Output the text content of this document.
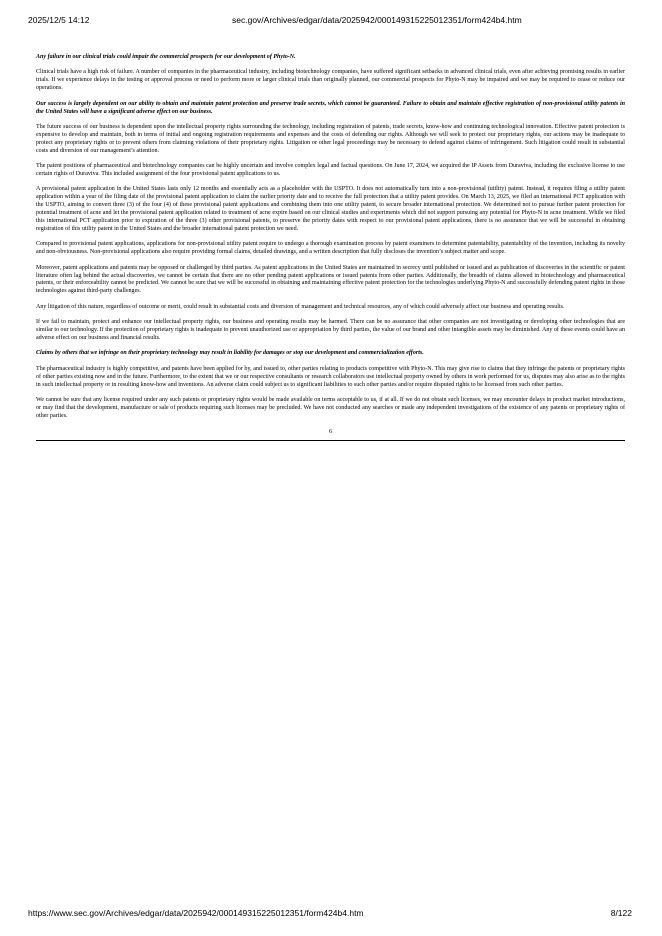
2025/12/5 14:12	sec.gov/Archives/edgar/data/2025942/000149315225012351/form424b4.htm

Any failure in our clinical trials could impair the commercial prospects for our development of Phyto-N.

Clinical trials have a high risk of failure. A number of companies in the pharmaceutical industry, including biotechnology companies, have suffered significant setbacks in advanced clinical trials, even after achieving promising results in earlier trials. If we experience delays in the testing or approval process or need to perform more or larger clinical trials than originally planned, our commercial prospects for Phyto-N may be impaired and we may be required to cease or reduce our operations.

Our success is largely dependent on our ability to obtain and maintain patent protection and preserve trade secrets, which cannot be guaranteed. Failure to obtain and maintain effective registration of non-provisional utility patents in the United States will have a significant adverse effect on our business.

The future success of our business is dependent upon the intellectual property rights surrounding the technology, including registration of patents, trade secrets, know-how and continuing technological innovation. Effective patent protection is expensive to develop and maintain, both in terms of initial and ongoing registration requirements and expenses and the costs of defending our rights. Although we will seek to protect our proprietary rights, our actions may be inadequate to protect any proprietary rights or to prevent others from claiming violations of their proprietary rights. Litigation or other legal proceedings may be necessary to defend against claims of infringement. Such litigation could result in substantial costs and diversion of our management’s attention.

The patent positions of pharmaceutical and biotechnology companies can be highly uncertain and involve complex legal and factual questions. On June 17, 2024, we acquired the IP Assets from Duraviva, including the exclusive license to use certain rights of Duraviva. This included assignment of the four provisional patent applications to us.

A provisional patent application in the United States lasts only 12 months and essentially acts as a placeholder with the USPTO. It does not automatically turn into a non-provisional (utility) patent. Instead, it requires filing a utility patent application within a year of the filing date of the provisional patent application to claim the earlier priority date and to receive the full protection that a utility patent provides. On March 13, 2025, we filed an international PCT application with the USPTO, aiming to convert three (3) of the four (4) of these provisional patent applications and combining them into one utility patent, to secure broader international protection. We determined not to pursue further patent protection for potential treatment of acne and let the provisional patent application related to treatment of acne expire based on our clinical studies and experiments which did not support pursuing any potential for Phyto-N in acne treatment. While we filed this international PCT application prior to expiration of the three (3) other provisional patents, to preserve the priority dates with respect to our provisional patent applications, there is no assurance that we will be successful in obtaining registration of this utility patent in the United States and the broader international patent protection we need.

Compared to provisional patent applications, applications for non-provisional utility patent require to undergo a thorough examination process by patent examiners to determine patentability, patentability of the invention, including its novelty and non-obviousness. Non-provisional applications also require providing formal claims, detailed drawings, and a written description that fully discloses the invention’s subject matter and scope.

Moreover, patent applications and patents may be opposed or challenged by third parties. As patent applications in the United States are maintained in secrecy until published or issued and as publication of discoveries in the scientific or patent literature often lag behind the actual discoveries, we cannot be certain that there are no other pending patent applications or issued patents from other parties. Additionally, the breadth of claims allowed in biotechnology and pharmaceutical patents, or their enforceability cannot be predicted. We cannot be sure that we will be successful in obtaining and maintaining effective patent protection for the technologies underlying Phyto-N and successfully defending patent rights in those technologies against third-party challenges.

Any litigation of this nature, regardless of outcome or merit, could result in substantial costs and diversion of management and technical resources, any of which could adversely affect our business and operating results.

If we fail to maintain, protect and enhance our intellectual property rights, our business and operating results may be harmed. There can be no assurance that other companies are not investigating or developing other technologies that are similar to our technology. If the protection of proprietary rights is inadequate to prevent unauthorized use or appropriation by third parties, the value of our brand and other intangible assets may be diminished. Any of these events could have an adverse effect on our business and financial results.

Claims by others that we infringe on their proprietary technology may result in liability for damages or stop our development and commercialization efforts.

The pharmaceutical industry is highly competitive, and patents have been applied for by, and issued to, other parties relating to products competitive with Phyto-N. This may give rise to claims that they infringe the patents or proprietary rights of other parties existing now and in the future. Furthermore, to the extent that we or our respective consultants or research collaborators use intellectual property owned by others in work performed for us, disputes may also arise as to the rights in such intellectual property or in resulting know-how and inventions. An adverse claim could subject us to significant liabilities to such other parties and/or require disputed rights to be licensed from such other parties.

We cannot be sure that any license required under any such patents or proprietary rights would be made available on terms acceptable to us, if at all. If we do not obtain such licenses, we may encounter delays in product market introductions, or may find that the development, manufacture or sale of products requiring such licenses may be precluded. We have not conducted any searches or made any independent investigations of the existence of any patents or proprietary rights of other parties.

6
https://www.sec.gov/Archives/edgar/data/2025942/000149315225012351/form424b4.htm	8/122
